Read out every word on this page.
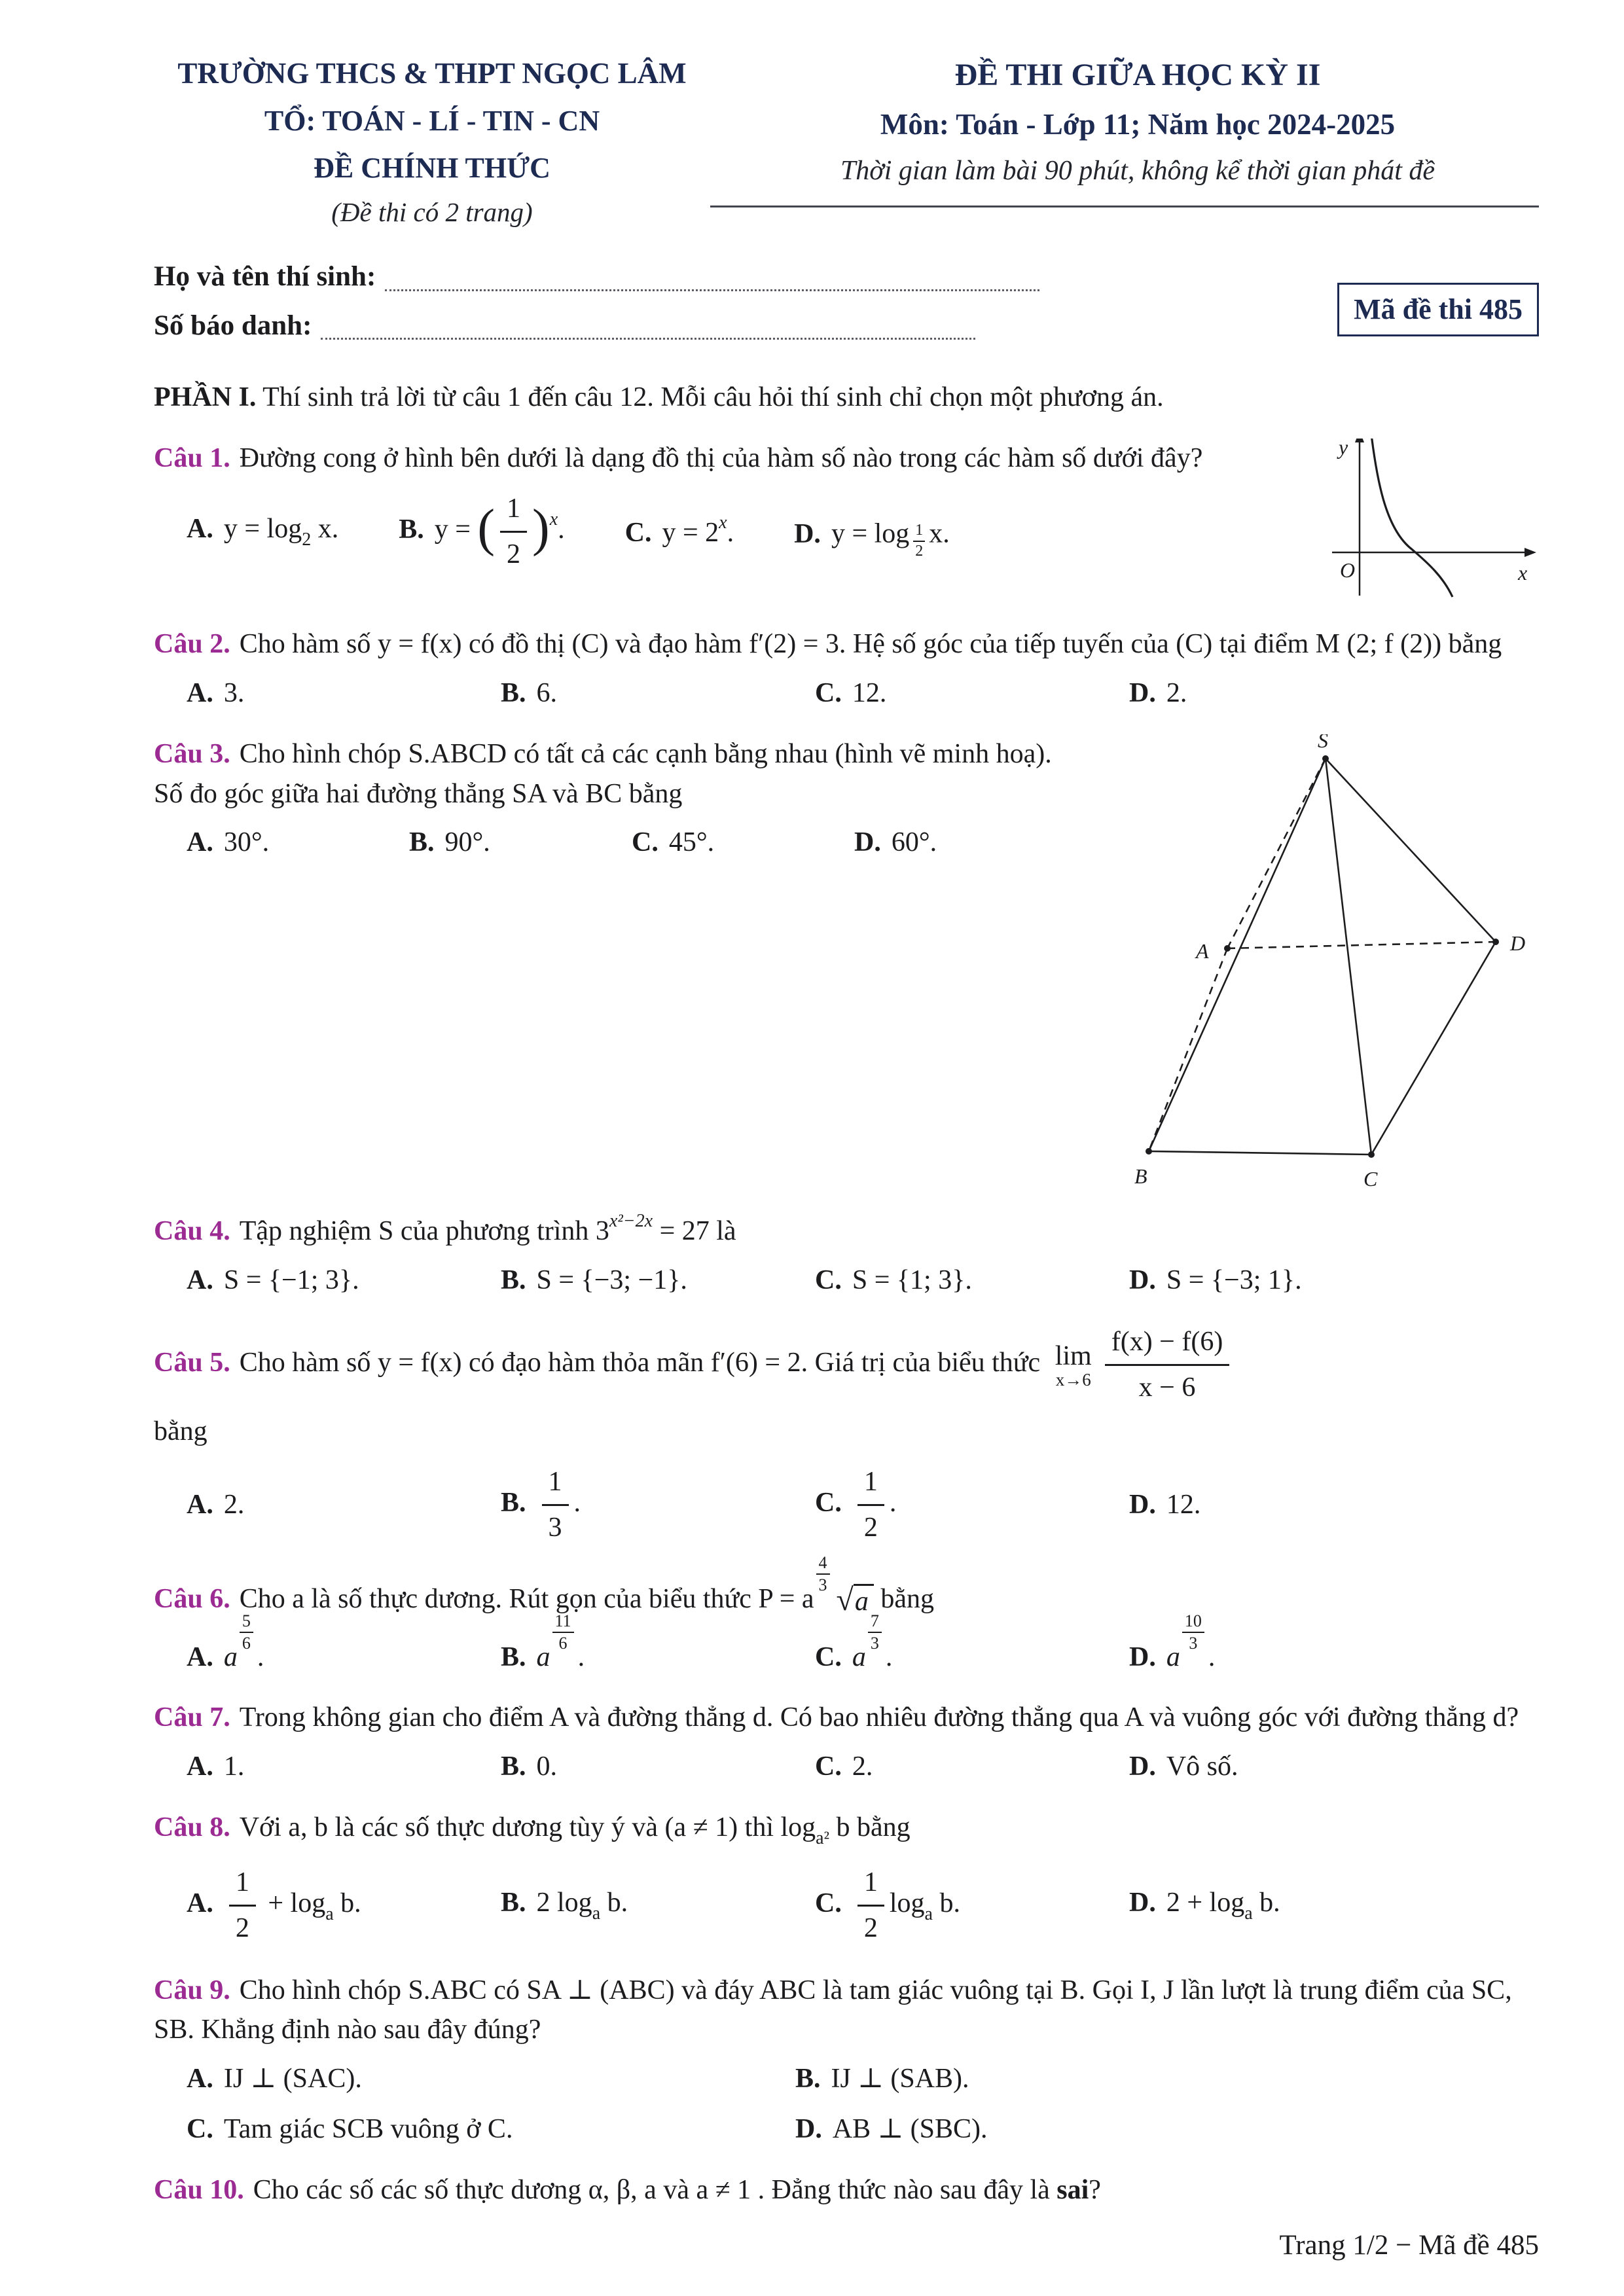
TRƯỜNG THCS & THPT NGỌC LÂM
TỔ: TOÁN - LÍ - TIN - CN
ĐỀ CHÍNH THỨC
(Đề thi có 2 trang)
ĐỀ THI GIỮA HỌC KỲ II
Môn: Toán - Lớp 11; Năm học 2024-2025
Thời gian làm bài 90 phút, không kể thời gian phát đề
Họ và tên thí sinh:
Số báo danh:	Mã đề thi 485
PHẦN I. Thí sinh trả lời từ câu 1 đến câu 12. Mỗi câu hỏi thí sinh chỉ chọn một phương án.
y
x
O
Câu 1. Đường cong ở hình bên dưới là dạng đồ thị của hàm số nào trong các hàm số dưới đây?
A. $y = \log_2 x$. B. y = ( $\frac{1}{2} )^x$. C. $y = 2^x$. D. $y = \log \frac{1}{2} x$.
Câu 2. Cho hàm số y = f(x) có đồ thị (C) và đạo hàm f′(2) = 3. Hệ số góc của tiếp tuyến của (C) tại điểm M (2; f (2)) bằng
A. 3.	B. 6.	C. 12.	D. 2.
S
A	D
B	C
Câu 3. Cho hình chóp S.ABCD có tất cả các cạnh bằng nhau (hình vẽ minh hoạ). Số đo góc giữa hai đường thẳng SA và BC bằng
A. 30°.	B. 90°.	C. 45°.	D. 60°.
Câu 4. Tập nghiệm S của phương trình $3^{x^2-2x} = 27$ là
A. S = {−1; 3}.	B. S = {−3; −1}.	C. S = {1; 3}.	D. S = {−3; 1}.
Câu 5. Cho hàm số y = f(x) có đạo hàm thỏa mãn f′(6) = 2. Giá trị của biểu thức lim
$x\to 6 \frac{f(x) - f(6)}{x - 6}$
bằng
A. 2.	B. $\frac{1}{3}$ .	C. $\frac{1}{2}$ .	D. 12.
Câu 6. Cho a là số thực dương. Rút gọn của biểu thức P = a
$\frac{4}{3}$
√ a bằng
A. a
$\frac{5}{6}$
.	B. a
$\frac{11}{6}$
.	C. a
$\frac{7}{3}$
.	D. a
$\frac{10}{3}$
.
Câu 7. Trong không gian cho điểm A và đường thẳng d. Có bao nhiêu đường thẳng qua A và vuông góc với đường thẳng d?
A. 1.	B. 0.	C. 2.	D. Vô số.
Câu 8. Với a, b là các số thực dương tùy ý và (a ≠ 1) thì $\log_{a^2} b$ bằng
A. $\frac{1}{2} + \log_a b$.	B. 2 $\log_a b$.	C. $\frac{1}{2} \log_a b$.	D. $2 + \log_a b$.
Câu 9. Cho hình chóp S.ABC có SA ⊥ (ABC) và đáy ABC là tam giác vuông tại B. Gọi I, J lần lượt là trung điểm của SC, SB. Khẳng định nào sau đây đúng?
A. IJ ⊥ (SAC).	B. IJ ⊥ (SAB).
C. Tam giác SCB vuông ở C.	D. AB ⊥ (SBC).
Câu 10. Cho các số các số thực dương α, β, a và a ≠ 1 . Đẳng thức nào sau đây là sai?
Trang 1/2 − Mã đề 485
